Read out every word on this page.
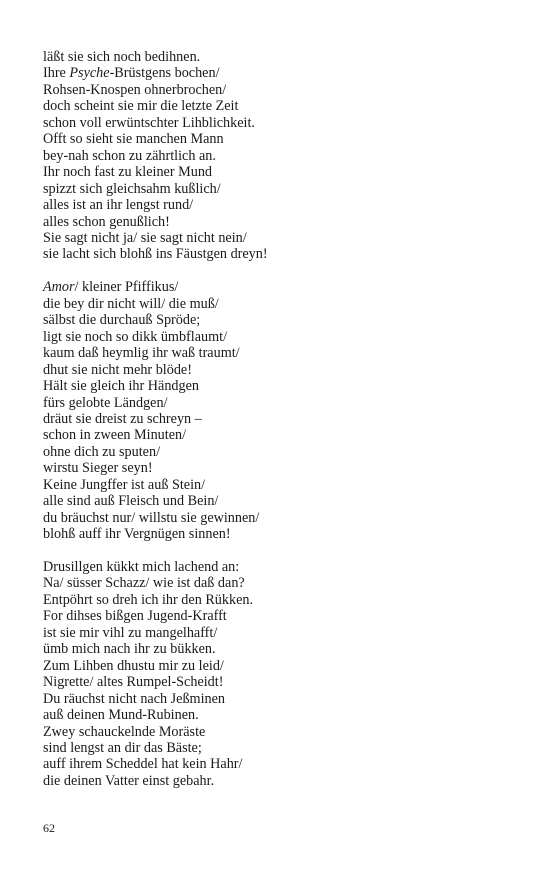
läßt sie sich noch bedihnen.
Ihre Psyche-Brüstgens bochen/
Rohsen-Knospen ohnerbrochen/
doch scheint sie mir die letzte Zeit
schon voll erwüntschter Lihblichkeit.
Offt so sieht sie manchen Mann
bey-nah schon zu zährtlich an.
Ihr noch fast zu kleiner Mund
spizzt sich gleichsahm kußlich/
alles ist an ihr lengst rund/
alles schon genußlich!
Sie sagt nicht ja/ sie sagt nicht nein/
sie lacht sich blohß ins Fäustgen dreyn!
Amor/ kleiner Pfiffikus/
die bey dir nicht will/ die muß/
sälbst die durchauß Spröde;
ligt sie noch so dikk ümbflaumt/
kaum daß heymlig ihr waß traumt/
dhut sie nicht mehr blöde!
Hält sie gleich ihr Händgen
fürs gelobte Ländgen/
dräut sie dreist zu schreyn –
schon in zween Minuten/
ohne dich zu sputen/
wirstu Sieger seyn!
Keine Jungffer ist auß Stein/
alle sind auß Fleisch und Bein/
du bräuchst nur/ willstu sie gewinnen/
blohß auff ihr Vergnügen sinnen!
Drusillgen kükkt mich lachend an:
Na/ süsser Schazz/ wie ist daß dan?
Entpöhrt so dreh ich ihr den Rükken.
For dihses bißgen Jugend-Krafft
ist sie mir vihl zu mangelhafft/
ümb mich nach ihr zu bükken.
Zum Lihben dhustu mir zu leid/
Nigrette/ altes Rumpel-Scheidt!
Du räuchst nicht nach Jeßminen
auß deinen Mund-Rubinen.
Zwey schauckelnde Moräste
sind lengst an dir das Bäste;
auff ihrem Scheddel hat kein Hahr/
die deinen Vatter einst gebahr.
62
